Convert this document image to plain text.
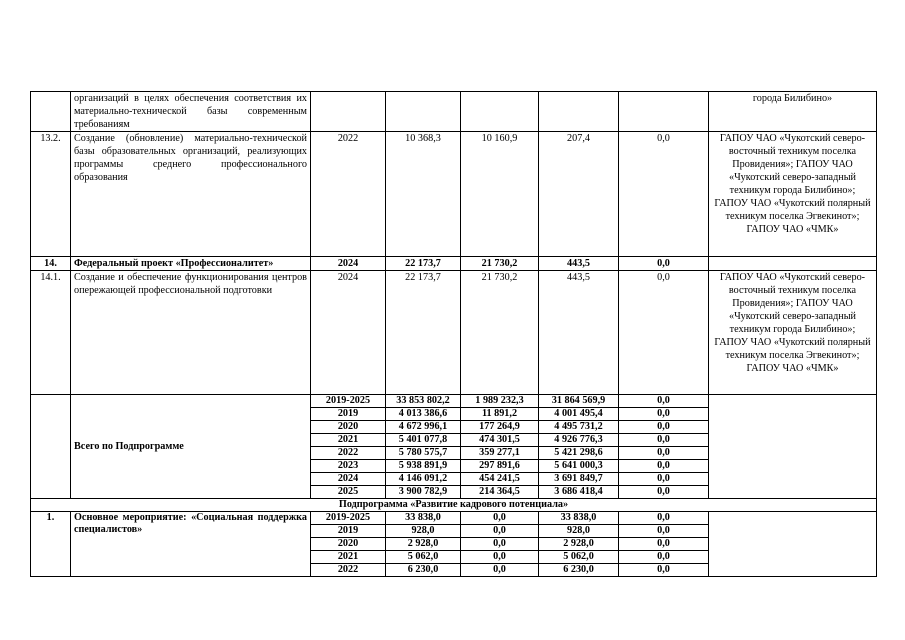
	организаций в целях обеспечения соответствия их материально-технической базы современным требованиям						города Билибино»
13.2.	Создание (обновление) материально-технической базы образовательных организаций, реализующих программы среднего профессионального образования	2022	10 368,3	10 160,9	207,4	0,0	ГАПОУ ЧАО «Чукотский северо-восточный техникум поселка Провидения»; ГАПОУ ЧАО «Чукотский северо-западный техникум города Билибино»; ГАПОУ ЧАО «Чукотский полярный техникум поселка Эгвекинот»; ГАПОУ ЧАО «ЧМК»
14.	Федеральный проект «Профессионалитет»	2024	22 173,7	21 730,2	443,5	0,0	
14.1.	Создание и обеспечение функционирования центров опережающей профессиональной подготовки	2024	22 173,7	21 730,2	443,5	0,0	ГАПОУ ЧАО «Чукотский северо-восточный техникум поселка Провидения»; ГАПОУ ЧАО «Чукотский северо-западный техникум города Билибино»; ГАПОУ ЧАО «Чукотский полярный техникум поселка Эгвекинот»; ГАПОУ ЧАО «ЧМК»
	Всего по Подпрограмме	2019-2025	33 853 802,2	1 989 232,3	31 864 569,9	0,0	
		2019	4 013 386,6	11 891,2	4 001 495,4	0,0	
		2020	4 672 996,1	177 264,9	4 495 731,2	0,0	
		2021	5 401 077,8	474 301,5	4 926 776,3	0,0	
		2022	5 780 575,7	359 277,1	5 421 298,6	0,0	
		2023	5 938 891,9	297 891,6	5 641 000,3	0,0	
		2024	4 146 091,2	454 241,5	3 691 849,7	0,0	
		2025	3 900 782,9	214 364,5	3 686 418,4	0,0	
Подпрограмма «Развитие кадрового потенциала»							
1.	Основное мероприятие: «Социальная поддержка специалистов»	2019-2025	33 838,0	0,0	33 838,0	0,0	
		2019	928,0	0,0	928,0	0,0	
		2020	2 928,0	0,0	2 928,0	0,0	
		2021	5 062,0	0,0	5 062,0	0,0	
		2022	6 230,0	0,0	6 230,0	0,0	
